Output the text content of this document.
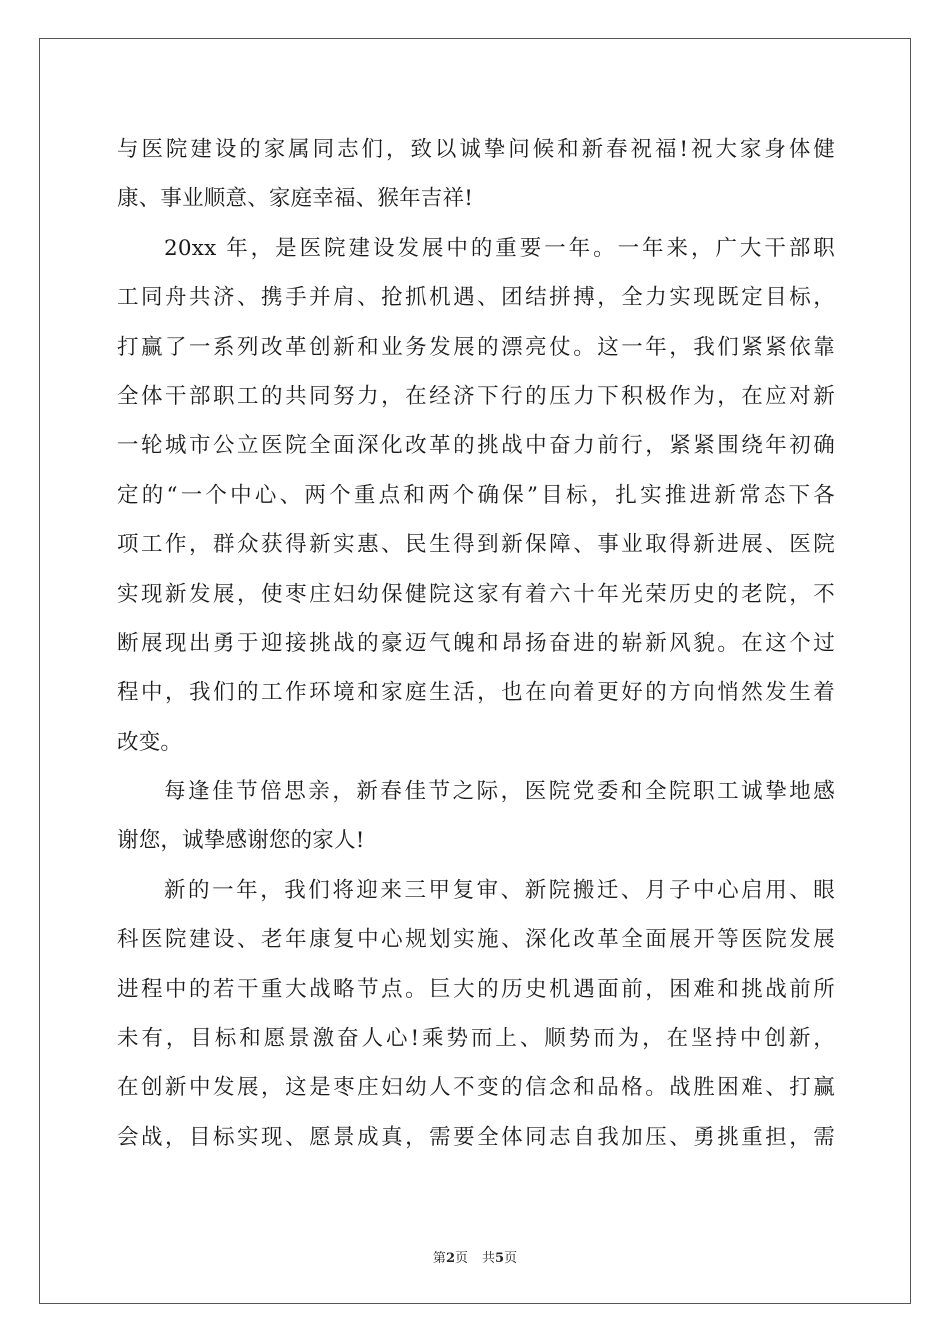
与医院建设的家属同志们，致以诚挚问候和新春祝福!祝大家身体健
康、事业顺意、家庭幸福、猴年吉祥!
20xx 年，是医院建设发展中的重要一年。一年来，广大干部职
工同舟共济、携手并肩、抢抓机遇、团结拼搏，全力实现既定目标，
打赢了一系列改革创新和业务发展的漂亮仗。这一年，我们紧紧依靠
全体干部职工的共同努力，在经济下行的压力下积极作为，在应对新
一轮城市公立医院全面深化改革的挑战中奋力前行，紧紧围绕年初确
定的“一个中心、两个重点和两个确保”目标，扎实推进新常态下各
项工作，群众获得新实惠、民生得到新保障、事业取得新进展、医院
实现新发展，使枣庄妇幼保健院这家有着六十年光荣历史的老院，不
断展现出勇于迎接挑战的豪迈气魄和昂扬奋进的崭新风貌。在这个过
程中，我们的工作环境和家庭生活，也在向着更好的方向悄然发生着
改变。
每逢佳节倍思亲，新春佳节之际，医院党委和全院职工诚挚地感
谢您，诚挚感谢您的家人!
新的一年，我们将迎来三甲复审、新院搬迁、月子中心启用、眼
科医院建设、老年康复中心规划实施、深化改革全面展开等医院发展
进程中的若干重大战略节点。巨大的历史机遇面前，困难和挑战前所
未有，目标和愿景激奋人心!乘势而上、顺势而为，在坚持中创新，
在创新中发展，这是枣庄妇幼人不变的信念和品格。战胜困难、打赢
会战，目标实现、愿景成真，需要全体同志自我加压、勇挑重担，需
第2页 共5页
